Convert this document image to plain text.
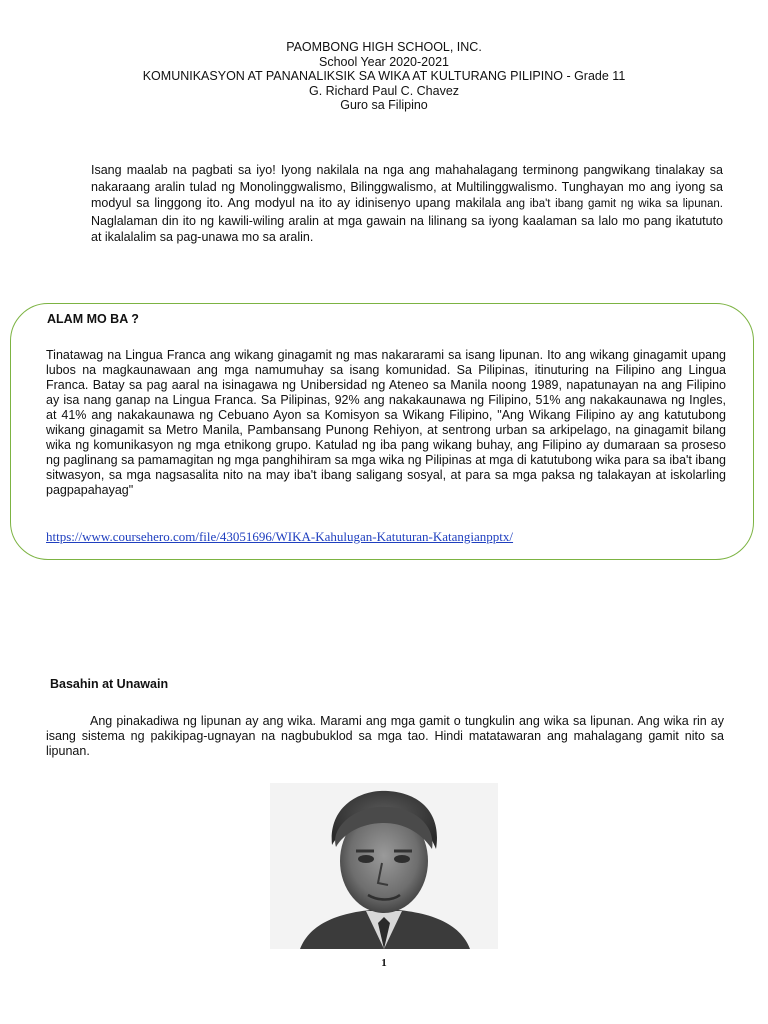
PAOMBONG HIGH SCHOOL, INC.
School Year 2020-2021
KOMUNIKASYON AT PANANALIKSIK SA WIKA AT KULTURANG PILIPINO - Grade 11
G. Richard Paul C. Chavez
Guro sa Filipino
Isang maalab na pagbati sa iyo! Iyong nakilala na nga ang mahahalagang terminong pangwikang tinalakay sa nakaraang aralin tulad ng Monolinggwalismo, Bilinggwalismo, at Multilinggwalismo. Tunghayan mo ang iyong sa modyul sa linggong ito. Ang modyul na ito ay idinisenyo upang makilala ang iba't ibang gamit ng wika sa lipunan. Naglalaman din ito ng kawili-wiling aralin at mga gawain na lilinang sa iyong kaalaman sa lalo mo pang ikatututo at ikalalalim sa pag-unawa mo sa aralin.
ALAM MO BA ?
Tinatawag na Lingua Franca ang wikang ginagamit ng mas nakararami sa isang lipunan. Ito ang wikang ginagamit upang lubos na magkaunawaan ang mga namumuhay sa isang komunidad. Sa Pilipinas, itinuturing na Filipino ang Lingua Franca. Batay sa pag aaral na isinagawa ng Unibersidad ng Ateneo sa Manila noong 1989, napatunayan na ang Filipino ay isa nang ganap na Lingua Franca. Sa Pilipinas, 92% ang nakakaunawa ng Filipino, 51% ang nakakaunawa ng Ingles, at 41% ang nakakaunawa ng Cebuano Ayon sa Komisyon sa Wikang Filipino, "Ang Wikang Filipino ay ang katutubong wikang ginagamit sa Metro Manila, Pambansang Punong Rehiyon, at sentrong urban sa arkipelago, na ginagamit bilang wika ng komunikasyon ng mga etnikong grupo. Katulad ng iba pang wikang buhay, ang Filipino ay dumaraan sa proseso ng paglinang sa pamamagitan ng mga panghihiram sa mga wika ng Pilipinas at mga di katutubong wika para sa iba't ibang sitwasyon, sa mga nagsasalita nito na may iba't ibang saligang sosyal, at para sa mga paksa ng talakayan at iskolarling pagpapahayag"
https://www.coursehero.com/file/43051696/WIKA-Kahulugan-Katuturan-Katangianpptx/
Basahin at Unawain
Ang pinakadiwa ng lipunan ay ang wika. Marami ang mga gamit o tungkulin ang wika sa lipunan. Ang wika rin ay isang sistema ng pakikipag-ugnayan na nagbubuklod sa mga tao. Hindi matatawaran ang mahalagang gamit nito sa lipunan.
1
